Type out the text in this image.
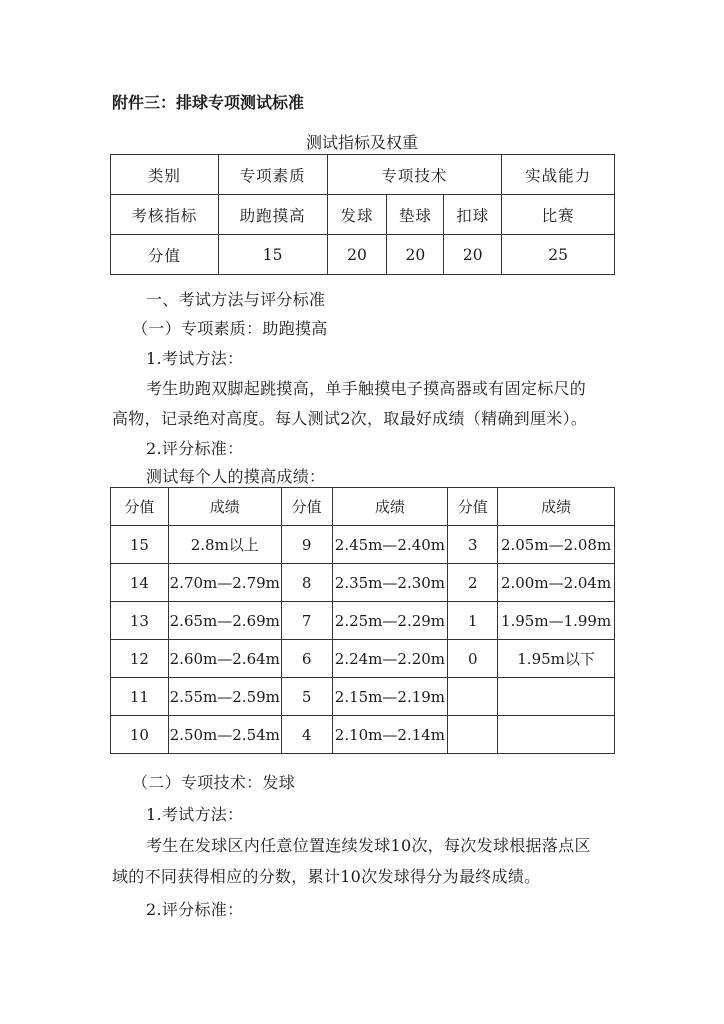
附件三：排球专项测试标准
测试指标及权重
类别	专项素质	专项技术			实战能力
考核指标	助跑摸高	发球	垫球	扣球	比赛
分值	15	20	20	20	25
一、考试方法与评分标准
（一）专项素质：助跑摸高
1.考试方法：
考生助跑双脚起跳摸高，单手触摸电子摸高器或有固定标尺的
高物，记录绝对高度。每人测试2次，取最好成绩（精确到厘米）。
2.评分标准：
测试每个人的摸高成绩：
分值	成绩	分值	成绩	分值	成绩
15	2.8m以上	9	2.45m—2.40m	3	2.05m—2.08m
14	2.70m—2.79m	8	2.35m—2.30m	2	2.00m—2.04m
13	2.65m—2.69m	7	2.25m—2.29m	1	1.95m—1.99m
12	2.60m—2.64m	6	2.24m—2.20m	0	1.95m以下
11	2.55m—2.59m	5	2.15m—2.19m		
10	2.50m—2.54m	4	2.10m—2.14m		
（二）专项技术：发球
1.考试方法：
考生在发球区内任意位置连续发球10次，每次发球根据落点区
域的不同获得相应的分数，累计10次发球得分为最终成绩。
2.评分标准：
